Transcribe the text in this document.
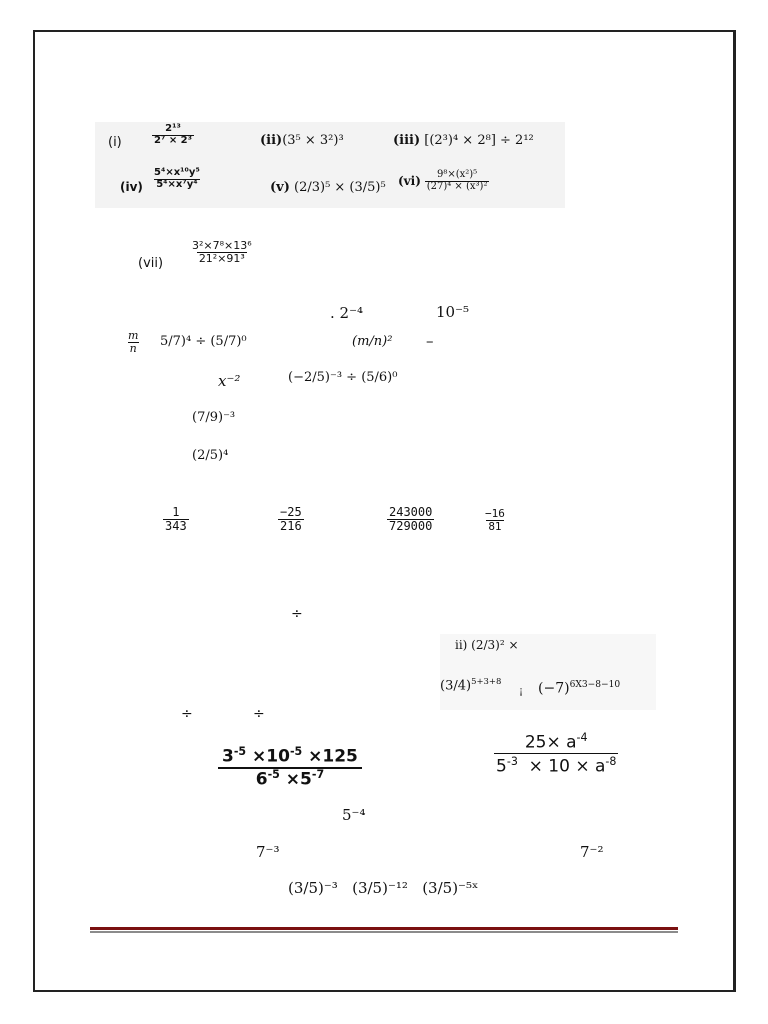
(i)	$\frac{\text{2¹³}}{\text{2⁷ × 2³}}$	(ii)(3⁵ × 3²)³	(iii) [(2³)⁴ × 2⁸] ÷ 2¹²
$(iv) \frac{\text{5⁴×x¹⁰y⁵}}{\text{5⁴×x⁷y⁴}}$	(v) (2/3)⁵ × (3/5)⁵ $(vi) \frac{\text{9⁸×(x²)⁵}}{\text{(27)⁴ × (x³)²}}$
$(vii) \frac{\text{3²×7⁸×13⁶}}{\text{21²×91³}}$
. 2⁻⁴	10⁻⁵
$\frac{m}{n} 5/7)^4 \div (5/7)^0$	(m/n)² –
x⁻²	(−2/5)⁻³ ÷ (5/6)⁰
(7/9)⁻³
(2/5)⁴
$\frac{1}{343}$	$\frac{-25}{216}$	$\frac{243000}{729000}$	$\frac{-16}{81}$
÷
ii) (2/3)² ×
$(3/4)^{5+3+8}$
¡ $(-7)^{6X3-8-10}$
÷	÷
$\frac{3^{-5} \times 10^{-5} \times 125}{6^{-5} \times 5^{-7}}$	$\frac{25\times a^{-4}}{5^{-3} \times 10 \times a^{-8}}$
5⁻⁴
7⁻³	7⁻²
(3/5)⁻³ (3/5)⁻¹² (3/5)⁻⁵ˣ
